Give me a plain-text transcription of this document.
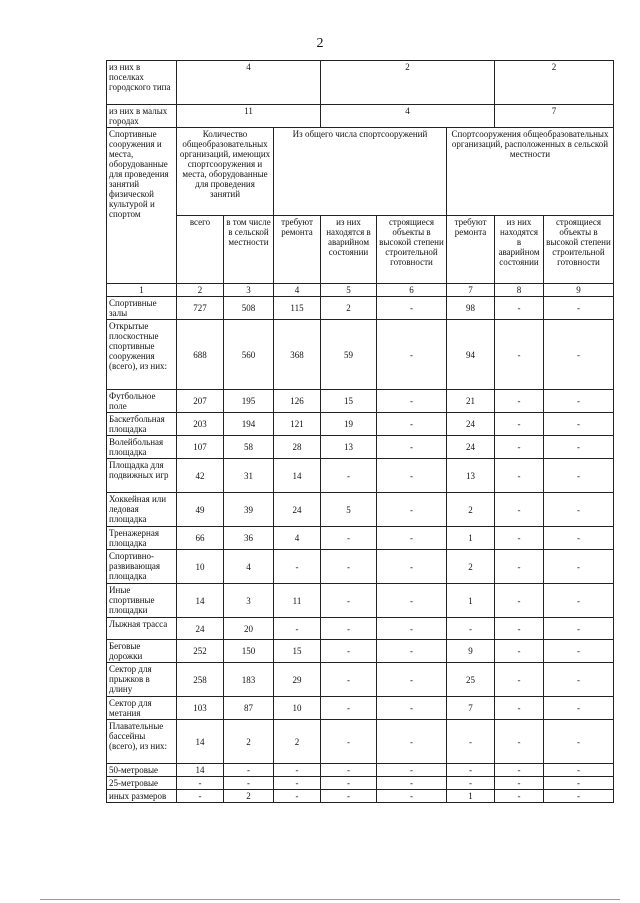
2
из них в поселках городского типа	4			2			2	
из них в малых городах	11			4			7	
Спортивные сооружения и места, оборудованные для проведения занятий физической культурой и спортом	Количество общеобразовательных организаций, имеющих спортсооружения и места, оборудованные для проведения занятий		Из общего числа спортсооружений			Спортсооружения общеобразовательных организаций, расположенных в сельской местности		
	всего	в том числе в сельской местности	требуют ремонта	из них находятся в аварийном состоянии	строящиеся объекты в высокой степени строительной готовности	требуют ремонта	из них находятся в аварийном состоянии	строящиеся объекты в высокой степени строительной готовности
1	2	3	4	5	6	7	8	9
Спортивные залы	727	508	115	2	-	98	-	-
Открытые плоскостные спортивные сооружения (всего), из них:	688	560	368	59	-	94	-	-
Футбольное поле	207	195	126	15	-	21	-	-
Баскетбольная площадка	203	194	121	19	-	24	-	-
Волейбольная площадка	107	58	28	13	-	24	-	-
Площадка для подвижных игр	42	31	14	-	-	13	-	-
Хоккейная или ледовая площадка	49	39	24	5	-	2	-	-
Тренажерная площадка	66	36	4	-	-	1	-	-
Спортивно-развивающая площадка	10	4	-	-	-	2	-	-
Иные спортивные площадки	14	3	11	-	-	1	-	-
Лыжная трасса	24	20	-	-	-	-	-	-
Беговые дорожки	252	150	15	-	-	9	-	-
Сектор для прыжков в длину	258	183	29	-	-	25	-	-
Сектор для метания	103	87	10	-	-	7	-	-
Плавательные бассейны (всего), из них:	14	2	2	-	-	-	-	-
50-метровые	14	-	-	-	-	-	-	-
25-метровые	-	-	-	-	-	-	-	-
иных размеров	-	2	-	-	-	1	-	-
